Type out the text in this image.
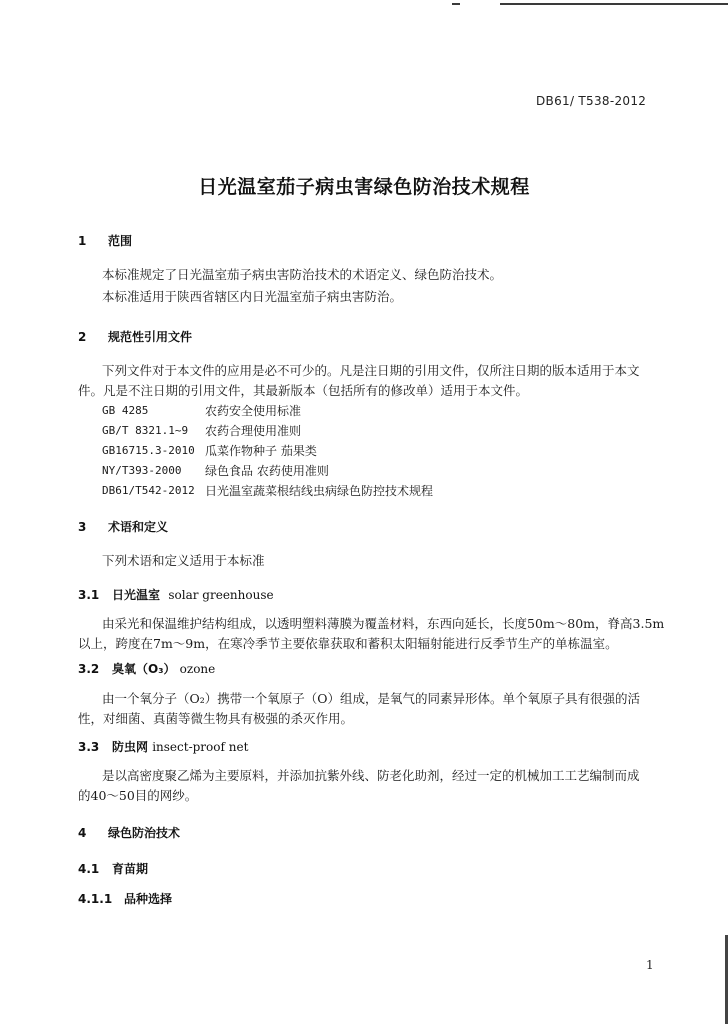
DB61/ T538-2012
日光温室茄子病虫害绿色防治技术规程
1 范围
本标准规定了日光温室茄子病虫害防治技术的术语定义、绿色防治技术。
本标准适用于陕西省辖区内日光温室茄子病虫害防治。
2 规范性引用文件
下列文件对于本文件的应用是必不可少的。凡是注日期的引用文件，仅所注日期的版本适用于本文
件。凡是不注日期的引用文件，其最新版本（包括所有的修改单）适用于本文件。
GB 4285	农药安全使用标准
GB/T 8321.1~9	农药合理使用准则
GB16715.3-2010 瓜菜作物种子 茄果类
NY/T393-2000	绿色食品 农药使用准则
DB61/T542-2012 日光温室蔬菜根结线虫病绿色防控技术规程
3 术语和定义
下列术语和定义适用于本标准
3.1 日光温室 solar greenhouse
由采光和保温维护结构组成，以透明塑料薄膜为覆盖材料，东西向延长，长度50m～80m，脊高3.5m
以上，跨度在7m～9m，在寒冷季节主要依靠获取和蓄积太阳辐射能进行反季节生产的单栋温室。
3.2 臭氧（O₃） ozone
由一个氧分子（O₂）携带一个氧原子（O）组成，是氧气的同素异形体。单个氧原子具有很强的活
性，对细菌、真菌等微生物具有极强的杀灭作用。
3.3 防虫网 insect-proof net
是以高密度聚乙烯为主要原料，并添加抗紫外线、防老化助剂，经过一定的机械加工工艺编制而成
的40～50目的网纱。
4 绿色防治技术
4.1 育苗期
4.1.1 品种选择
1
